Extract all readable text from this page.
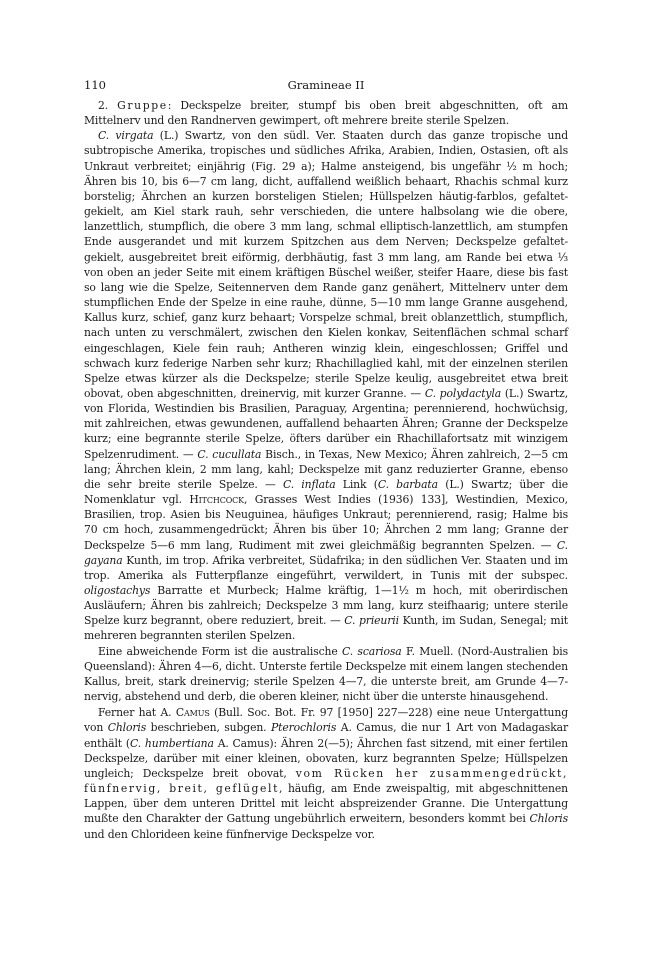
110	Gramineae II

2. Gruppe: Deckspelze breiter, stumpf bis oben breit abgeschnitten, oft am Mittelnerv und den Randnerven gewimpert, oft mehrere breite sterile Spelzen.

C. virgata (L.) Swartz, von den südl. Ver. Staaten durch das ganze tropische und subtropische Amerika, tropisches und südliches Afrika, Arabien, Indien, Ostasien, oft als Unkraut verbreitet; einjährig (Fig. 29 a); Halme ansteigend, bis ungefähr ½ m hoch; Ähren bis 10, bis 6—7 cm lang, dicht, auffallend weißlich behaart, Rhachis schmal kurz borstelig; Ährchen an kurzen borsteligen Stielen; Hüllspelzen häutig-farblos, gefaltet-gekielt, am Kiel stark rauh, sehr verschieden, die untere halbsolang wie die obere, lanzettlich, stumpflich, die obere 3 mm lang, schmal elliptisch-lanzettlich, am stumpfen Ende ausgerandet und mit kurzem Spitzchen aus dem Nerven; Deckspelze gefaltet-gekielt, ausgebreitet breit eiförmig, derbhäutig, fast 3 mm lang, am Rande bei etwa ⅓ von oben an jeder Seite mit einem kräftigen Büschel weißer, steifer Haare, diese bis fast so lang wie die Spelze, Seitennerven dem Rande ganz genähert, Mittelnerv unter dem stumpflichen Ende der Spelze in eine rauhe, dünne, 5—10 mm lange Granne ausgehend, Kallus kurz, schief, ganz kurz behaart; Vorspelze schmal, breit oblanzettlich, stumpflich, nach unten zu verschmälert, zwischen den Kielen konkav, Seitenflächen schmal scharf eingeschlagen, Kiele fein rauh; Antheren winzig klein, eingeschlossen; Griffel und schwach kurz federige Narben sehr kurz; Rhachillaglied kahl, mit der einzelnen sterilen Spelze etwas kürzer als die Deckspelze; sterile Spelze keulig, ausgebreitet etwa breit obovat, oben abgeschnitten, dreinervig, mit kurzer Granne. — C. polydactyla (L.) Swartz, von Florida, Westindien bis Brasilien, Paraguay, Argentina; perennierend, hochwüchsig, mit zahlreichen, etwas gewundenen, auffallend behaarten Ähren; Granne der Deckspelze kurz; eine begrannte sterile Spelze, öfters darüber ein Rhachillafortsatz mit winzigem Spelzenrudiment. — C. cucullata Bisch., in Texas, New Mexico; Ähren zahlreich, 2—5 cm lang; Ährchen klein, 2 mm lang, kahl; Deckspelze mit ganz reduzierter Granne, ebenso die sehr breite sterile Spelze. — C. inflata Link (C. barbata (L.) Swartz; über die Nomenklatur vgl. Hitchcock, Grasses West Indies (1936) 133], Westindien, Mexico, Brasilien, trop. Asien bis Neuguinea, häufiges Unkraut; perennierend, rasig; Halme bis 70 cm hoch, zusammengedrückt; Ähren bis über 10; Ährchen 2 mm lang; Granne der Deckspelze 5—6 mm lang, Rudiment mit zwei gleichmäßig begrannten Spelzen. — C. gayana Kunth, im trop. Afrika verbreitet, Südafrika; in den südlichen Ver. Staaten und im trop. Amerika als Futterpflanze eingeführt, verwildert, in Tunis mit der subspec. oligostachys Barratte et Murbeck; Halme kräftig, 1—1½ m hoch, mit oberirdischen Ausläufern; Ähren bis zahlreich; Deckspelze 3 mm lang, kurz steifhaarig; untere sterile Spelze kurz begrannt, obere reduziert, breit. — C. prieurii Kunth, im Sudan, Senegal; mit mehreren begrannten sterilen Spelzen.

Eine abweichende Form ist die australische C. scariosa F. Muell. (Nord-Australien bis Queensland): Ähren 4—6, dicht. Unterste fertile Deckspelze mit einem langen stechenden Kallus, breit, stark dreinervig; sterile Spelzen 4—7, die unterste breit, am Grunde 4—7-nervig, abstehend und derb, die oberen kleiner, nicht über die unterste hinausgehend.

Ferner hat A. Camus (Bull. Soc. Bot. Fr. 97 [1950] 227—228) eine neue Untergattung von Chloris beschrieben, subgen. Pterochloris A. Camus, die nur 1 Art von Madagaskar enthält (C. humbertiana A. Camus): Ähren 2(—5); Ährchen fast sitzend, mit einer fertilen Deckspelze, darüber mit einer kleinen, obovaten, kurz begrannten Spelze; Hüllspelzen ungleich; Deckspelze breit obovat, vom Rücken her zusammengedrückt, fünfnervig, breit, geflügelt, häufig, am Ende zweispaltig, mit abgeschnittenen Lappen, über dem unteren Drittel mit leicht abspreizender Granne. Die Untergattung mußte den Charakter der Gattung ungebührlich erweitern, besonders kommt bei Chloris und den Chlorideen keine fünfnervige Deckspelze vor.
